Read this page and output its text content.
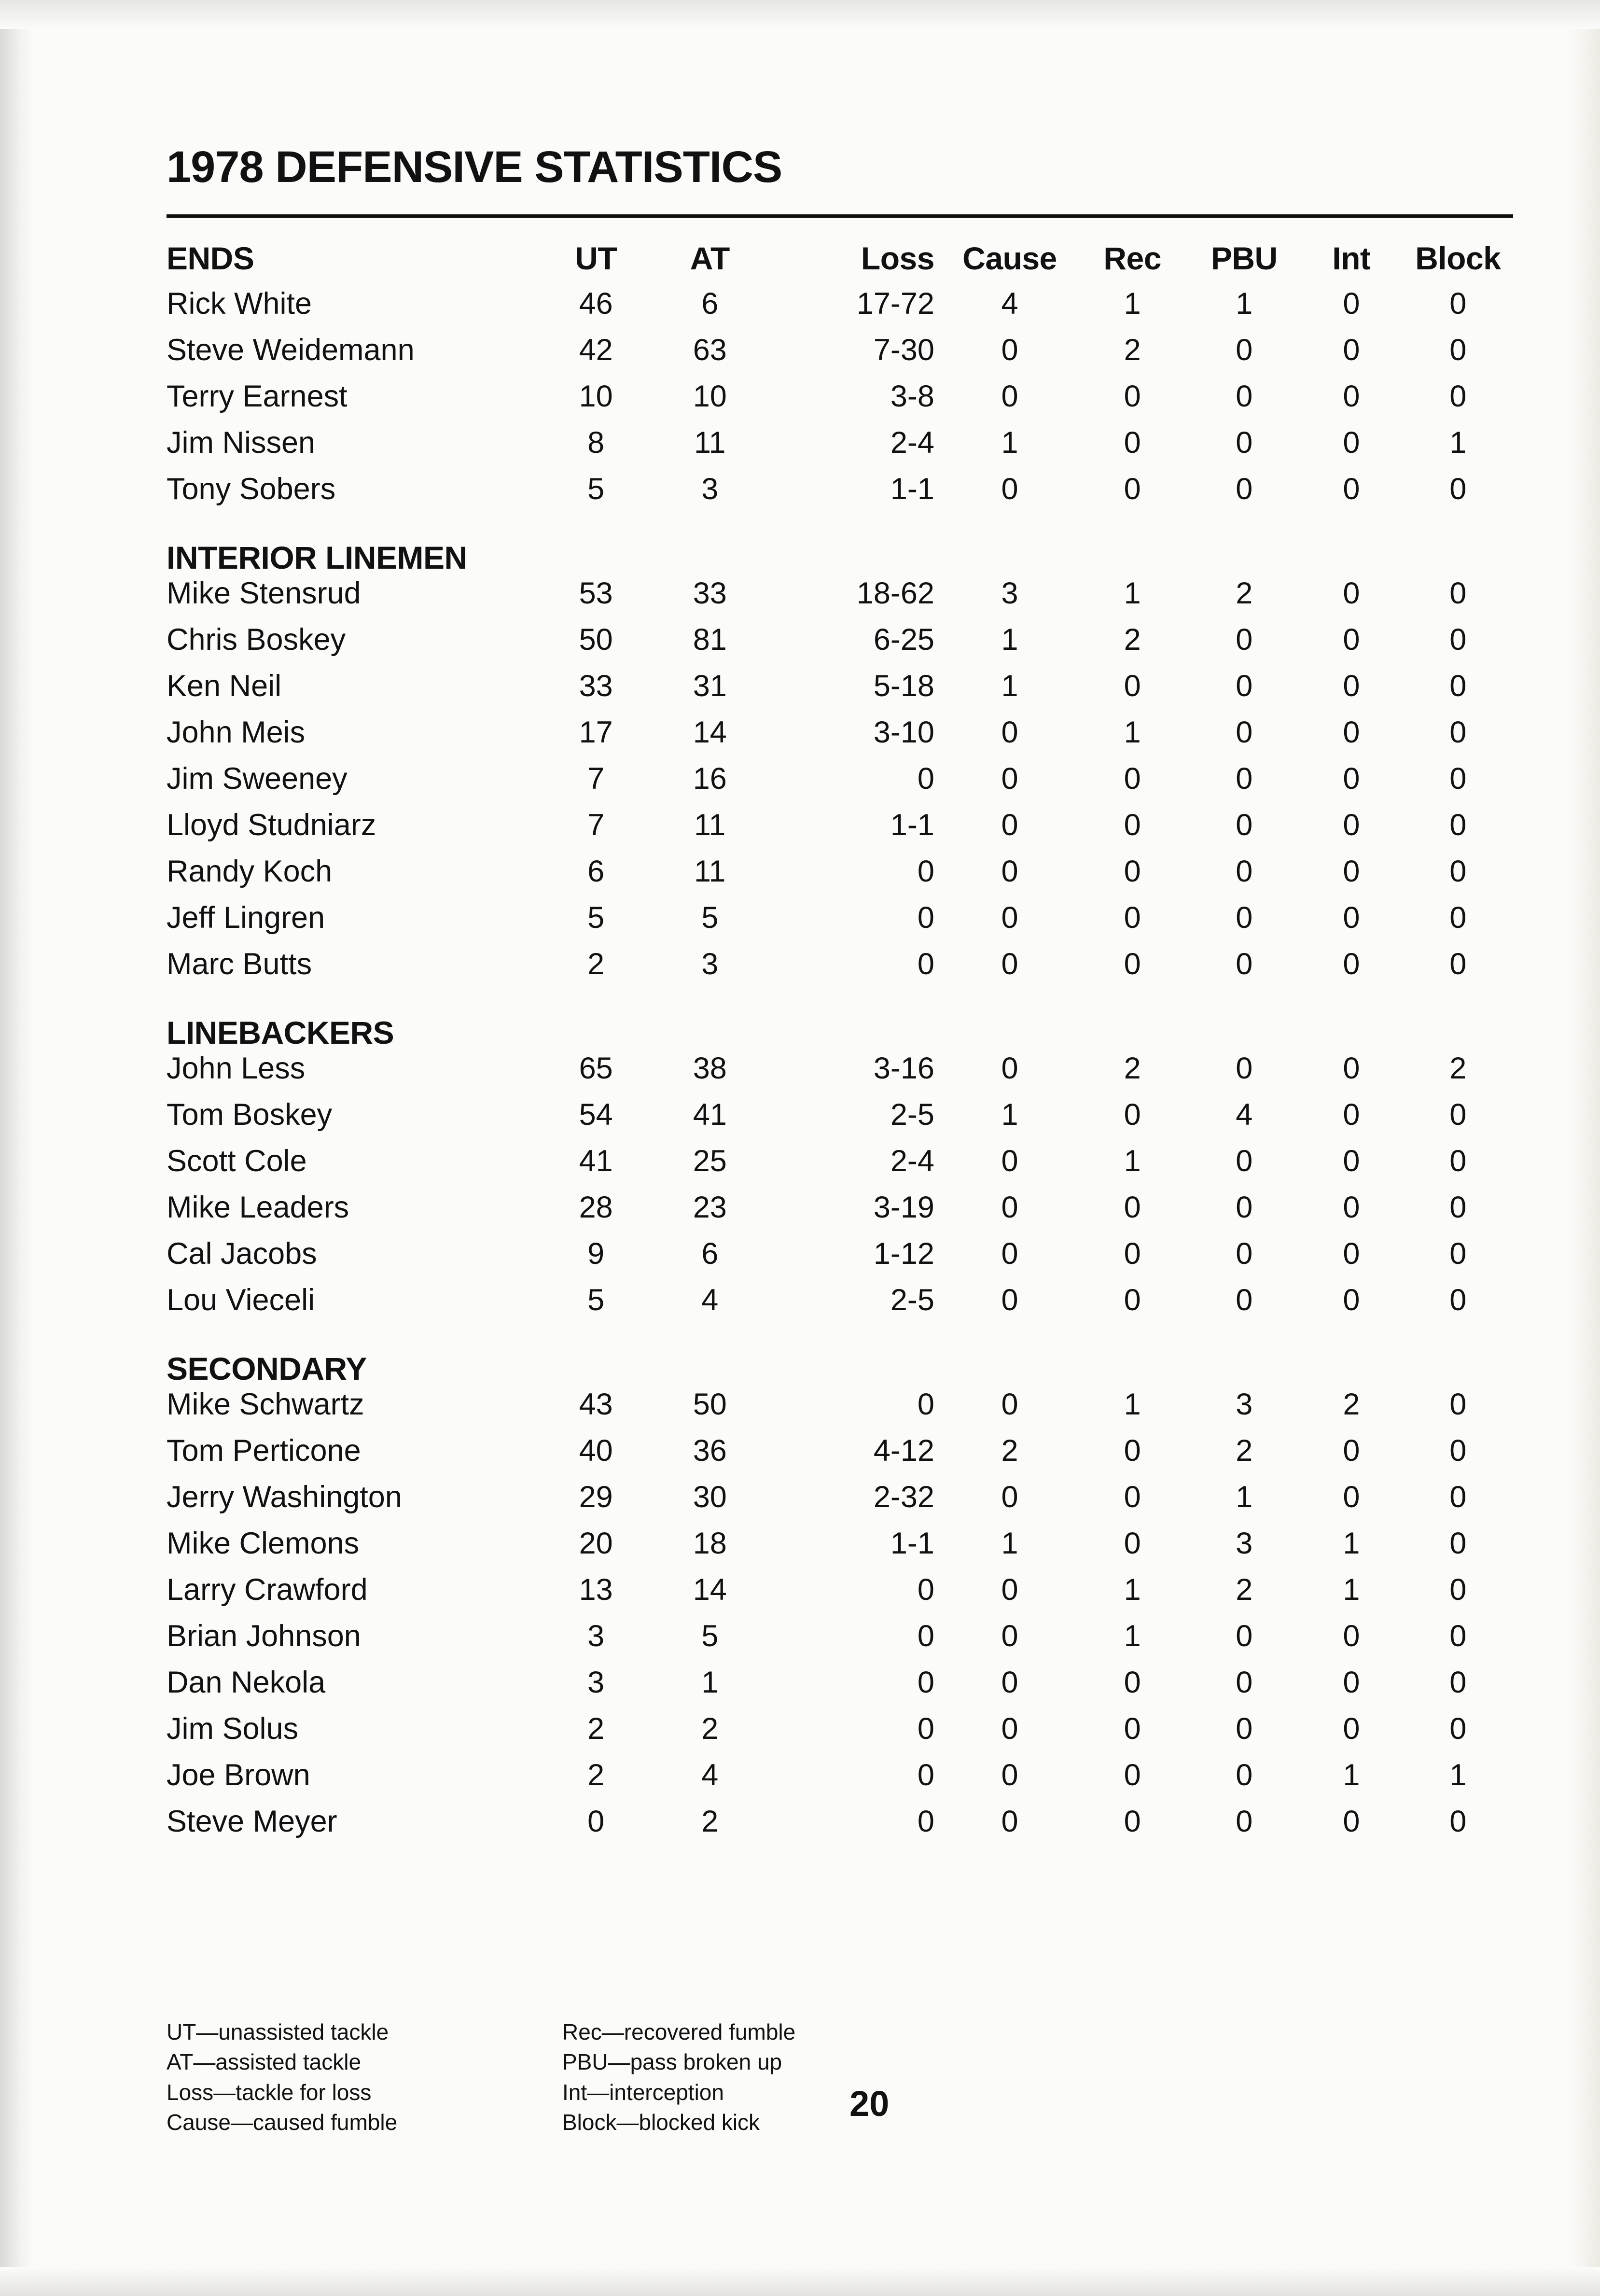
1978 DEFENSIVE STATISTICS
ENDS	UT	AT	Loss	Cause	Rec	PBU	Int	Block
Rick White	46	6	17-72	4	1	1	0	0
Steve Weidemann	42	63	7-30	0	2	0	0	0
Terry Earnest	10	10	3-8	0	0	0	0	0
Jim Nissen	8	11	2-4	1	0	0	0	1
Tony Sobers	5	3	1-1	0	0	0	0	0
INTERIOR LINEMEN								
Mike Stensrud	53	33	18-62	3	1	2	0	0
Chris Boskey	50	81	6-25	1	2	0	0	0
Ken Neil	33	31	5-18	1	0	0	0	0
John Meis	17	14	3-10	0	1	0	0	0
Jim Sweeney	7	16	0	0	0	0	0	0
Lloyd Studniarz	7	11	1-1	0	0	0	0	0
Randy Koch	6	11	0	0	0	0	0	0
Jeff Lingren	5	5	0	0	0	0	0	0
Marc Butts	2	3	0	0	0	0	0	0
LINEBACKERS								
John Less	65	38	3-16	0	2	0	0	2
Tom Boskey	54	41	2-5	1	0	4	0	0
Scott Cole	41	25	2-4	0	1	0	0	0
Mike Leaders	28	23	3-19	0	0	0	0	0
Cal Jacobs	9	6	1-12	0	0	0	0	0
Lou Vieceli	5	4	2-5	0	0	0	0	0
SECONDARY								
Mike Schwartz	43	50	0	0	1	3	2	0
Tom Perticone	40	36	4-12	2	0	2	0	0
Jerry Washington	29	30	2-32	0	0	1	0	0
Mike Clemons	20	18	1-1	1	0	3	1	0
Larry Crawford	13	14	0	0	1	2	1	0
Brian Johnson	3	5	0	0	1	0	0	0
Dan Nekola	3	1	0	0	0	0	0	0
Jim Solus	2	2	0	0	0	0	0	0
Joe Brown	2	4	0	0	0	0	1	1
Steve Meyer	0	2	0	0	0	0	0	0
UT—unassisted tackle
AT—assisted tackle
Loss—tackle for loss
Cause—caused fumble
Rec—recovered fumble
PBU—pass broken up
Int—interception
Block—blocked kick	20
